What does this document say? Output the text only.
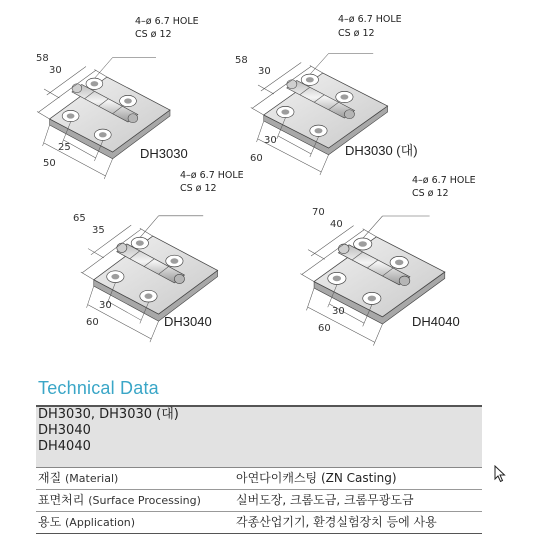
4–ø 6.7 HOLE
CS ø 12
58
30
25
50
DH3030
4–ø 6.7 HOLE
CS ø 12
58
30
30
60
DH3030 (대)
4–ø 6.7 HOLE
CS ø 12
65
35
30
60	DH3040
4–ø 6.7 HOLE
CS ø 12
70
40
30
60	DH4040
Technical Data
DH3030, DH3030 (대)
DH3040
DH4040	

재질 (Material)	아연다이캐스팅 (ZN Casting)
표면처리 (Surface Processing)	실버도장, 크롬도금, 크롬무광도금
용도 (Application)	각종산업기기, 환경실험장치 등에 사용
